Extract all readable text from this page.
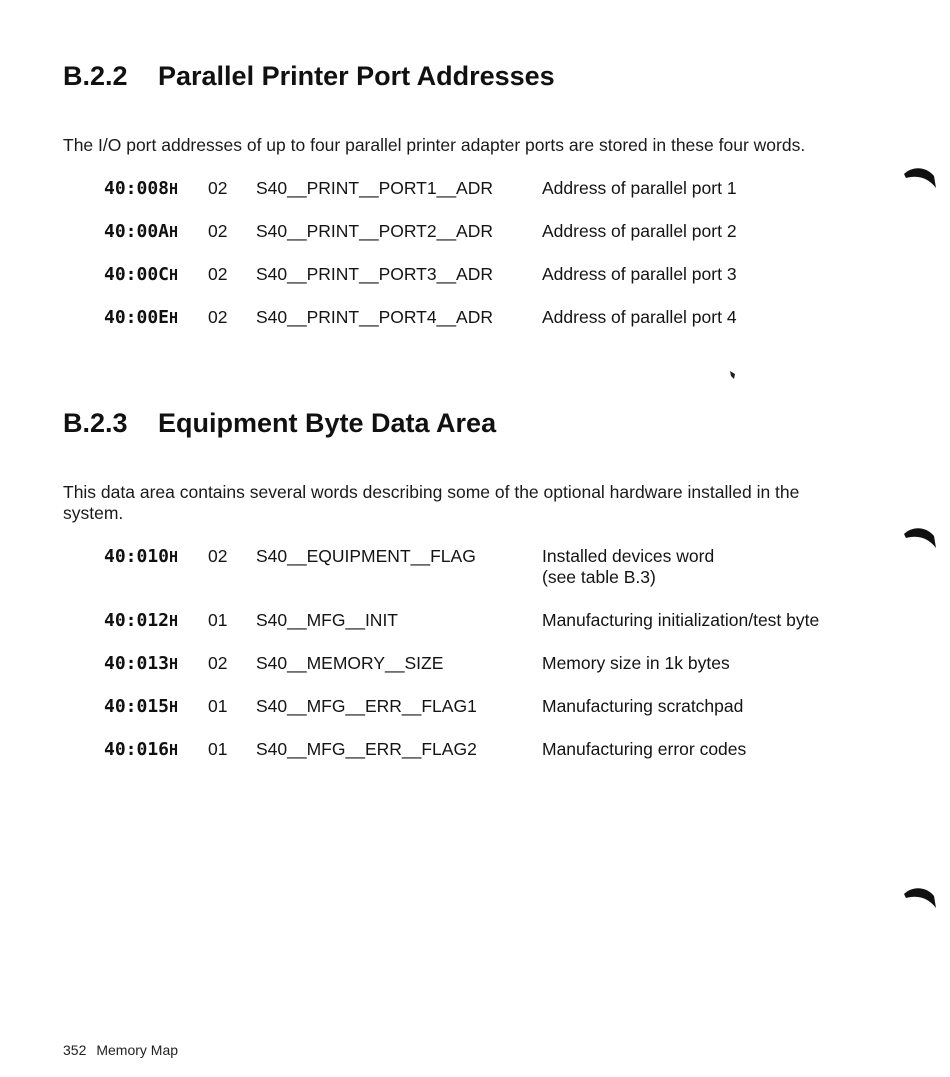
B.2.2 Parallel Printer Port Addresses

The I/O port addresses of up to four parallel printer adapter ports are stored in these four words.

40:008H 02 S40__PRINT__PORT1__ADR	Address of parallel port 1
40:00AH 02 S40__PRINT__PORT2__ADR	Address of parallel port 2
40:00CH 02 S40__PRINT__PORT3__ADR	Address of parallel port 3
40:00EH 02 S40__PRINT__PORT4__ADR	Address of parallel port 4
B.2.3 Equipment Byte Data Area

This data area contains several words describing some of the optional hardware installed in the system.

40:010H 02 S40__EQUIPMENT__FLAG	Installed devices word
(see table B.3)
40:012H 01 S40__MFG__INIT	Manufacturing initialization/test byte
40:013H 02 S40__MEMORY__SIZE	Memory size in 1k bytes
40:015H 01 S40__MFG__ERR__FLAG1	Manufacturing scratchpad
40:016H 01 S40__MFG__ERR__FLAG2	Manufacturing error codes
352 Memory Map
